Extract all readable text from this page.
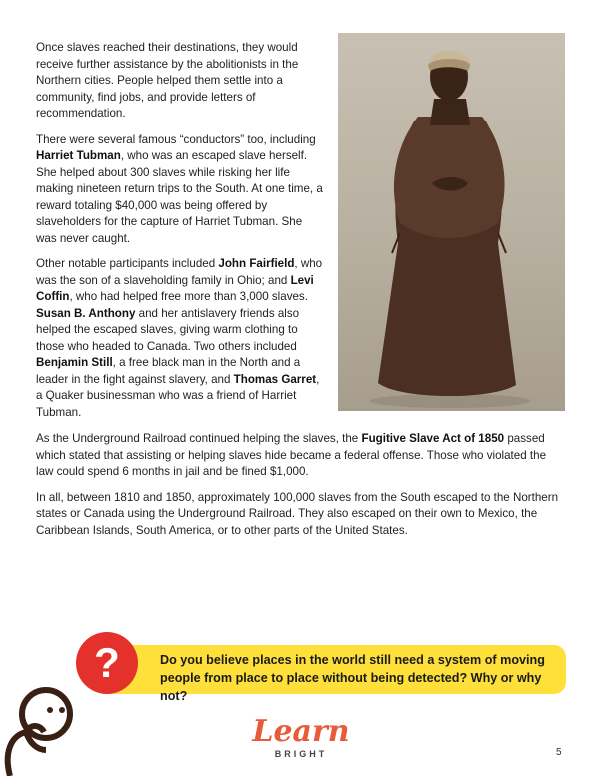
Once slaves reached their destinations, they would receive further assistance by the abolitionists in the Northern cities. People helped them settle into a community, find jobs, and provide letters of recommendation.

There were several famous “conductors” too, including Harriet Tubman, who was an escaped slave herself. She helped about 300 slaves while risking her life making nineteen return trips to the South. At one time, a reward totaling $40,000 was being offered by slaveholders for the capture of Harriet Tubman. She was never caught.

Other notable participants included John Fairfield, who was the son of a slaveholding family in Ohio; and Levi Coffin, who had helped free more than 3,000 slaves. Susan B. Anthony and her antislavery friends also helped the escaped slaves, giving warm clothing to those who headed to Canada. Two others included Benjamin Still, a free black man in the North and a leader in the fight against slavery, and Thomas Garret, a Quaker businessman who was a friend of Harriet Tubman.

As the Underground Railroad continued helping the slaves, the Fugitive Slave Act of 1850 passed which stated that assisting or helping slaves hide became a federal offense. Those who violated the law could spend 6 months in jail and be fined $1,000.

In all, between 1810 and 1850, approximately 100,000 slaves from the South escaped to the Northern states or Canada using the Underground Railroad. They also escaped on their own to Mexico, the Caribbean Islands, South America, or to other parts of the United States.

Do you believe places in the world still need a system of moving people from place to place without being detected? Why or why not?
?
Learn
BRIGHT	5
